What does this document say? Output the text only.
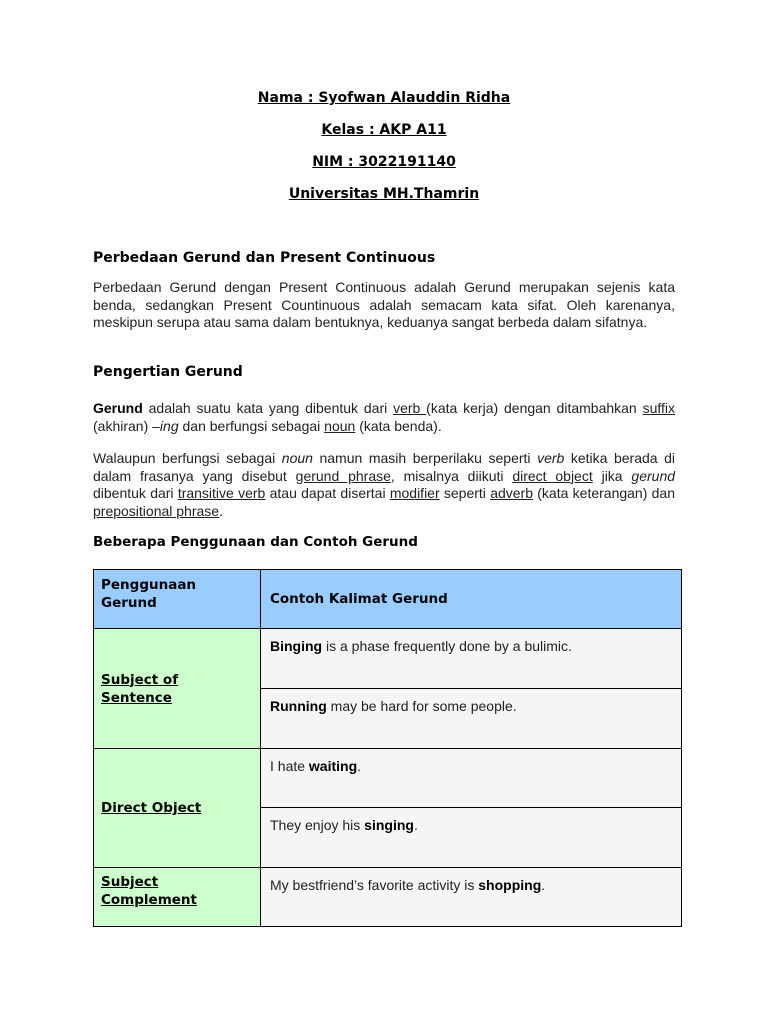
Nama : Syofwan Alauddin Ridha

Kelas : AKP A11

NIM : 3022191140

Universitas MH.Thamrin

Perbedaan Gerund dan Present Continuous

Perbedaan Gerund dengan Present Continuous adalah Gerund merupakan sejenis kata benda, sedangkan Present Countinuous adalah semacam kata sifat. Oleh karenanya, meskipun serupa atau sama dalam bentuknya, keduanya sangat berbeda dalam sifatnya.

Pengertian Gerund

Gerund adalah suatu kata yang dibentuk dari verb (kata kerja) dengan ditambahkan suffix (akhiran) –ing dan berfungsi sebagai noun (kata benda).

Walaupun berfungsi sebagai noun namun masih berperilaku seperti verb ketika berada di dalam frasanya yang disebut gerund phrase, misalnya diikuti direct object jika gerund dibentuk dari transitive verb atau dapat disertai modifier seperti adverb (kata keterangan) dan prepositional phrase.

Beberapa Penggunaan dan Contoh Gerund

Penggunaan Gerund	Contoh Kalimat Gerund

Subject of Sentence	Binging is a phase frequently done by a bulimic.
	Running may be hard for some people.

Direct Object	I hate waiting.
	They enjoy his singing.

Subject Complement	My bestfriend’s favorite activity is shopping.
